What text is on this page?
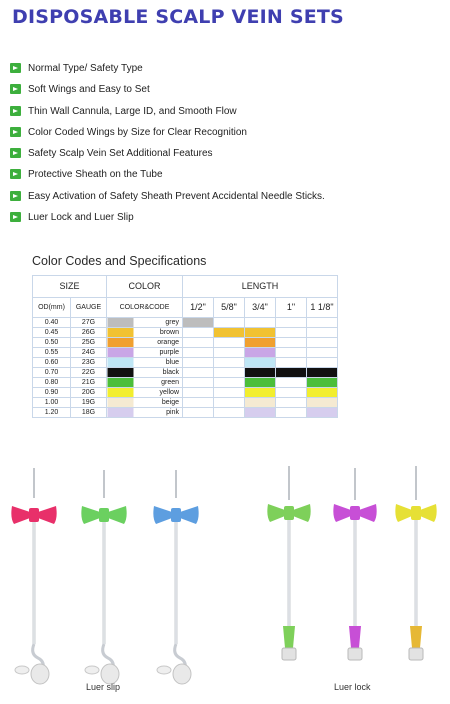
DISPOSABLE SCALP VEIN SETS
Normal Type/ Safety Type
Soft Wings and Easy to Set
Thin Wall Cannula, Large ID, and Smooth Flow
Color Coded Wings by Size for Clear Recognition
Safety Scalp Vein Set Additional Features
Protective Sheath on the Tube
Easy Activation of Safety Sheath Prevent Accidental Needle Sticks.
Luer Lock and Luer Slip
Color Codes and Specifications
SIZE		COLOR	LENGTH				
OD(mm)	GAUGE	COLOR&CODE	1/2"	5/8"	3/4"	1"	1 1/8"
0.40	27G	grey					
0.45	26G	brown					
0.50	25G	orange					
0.55	24G	purple					
0.60	23G	blue					
0.70	22G	black					
0.80	21G	green					
0.90	20G	yellow					
1.00	19G	beige					
1.20	18G	pink					
Luer slip	Luer lock
